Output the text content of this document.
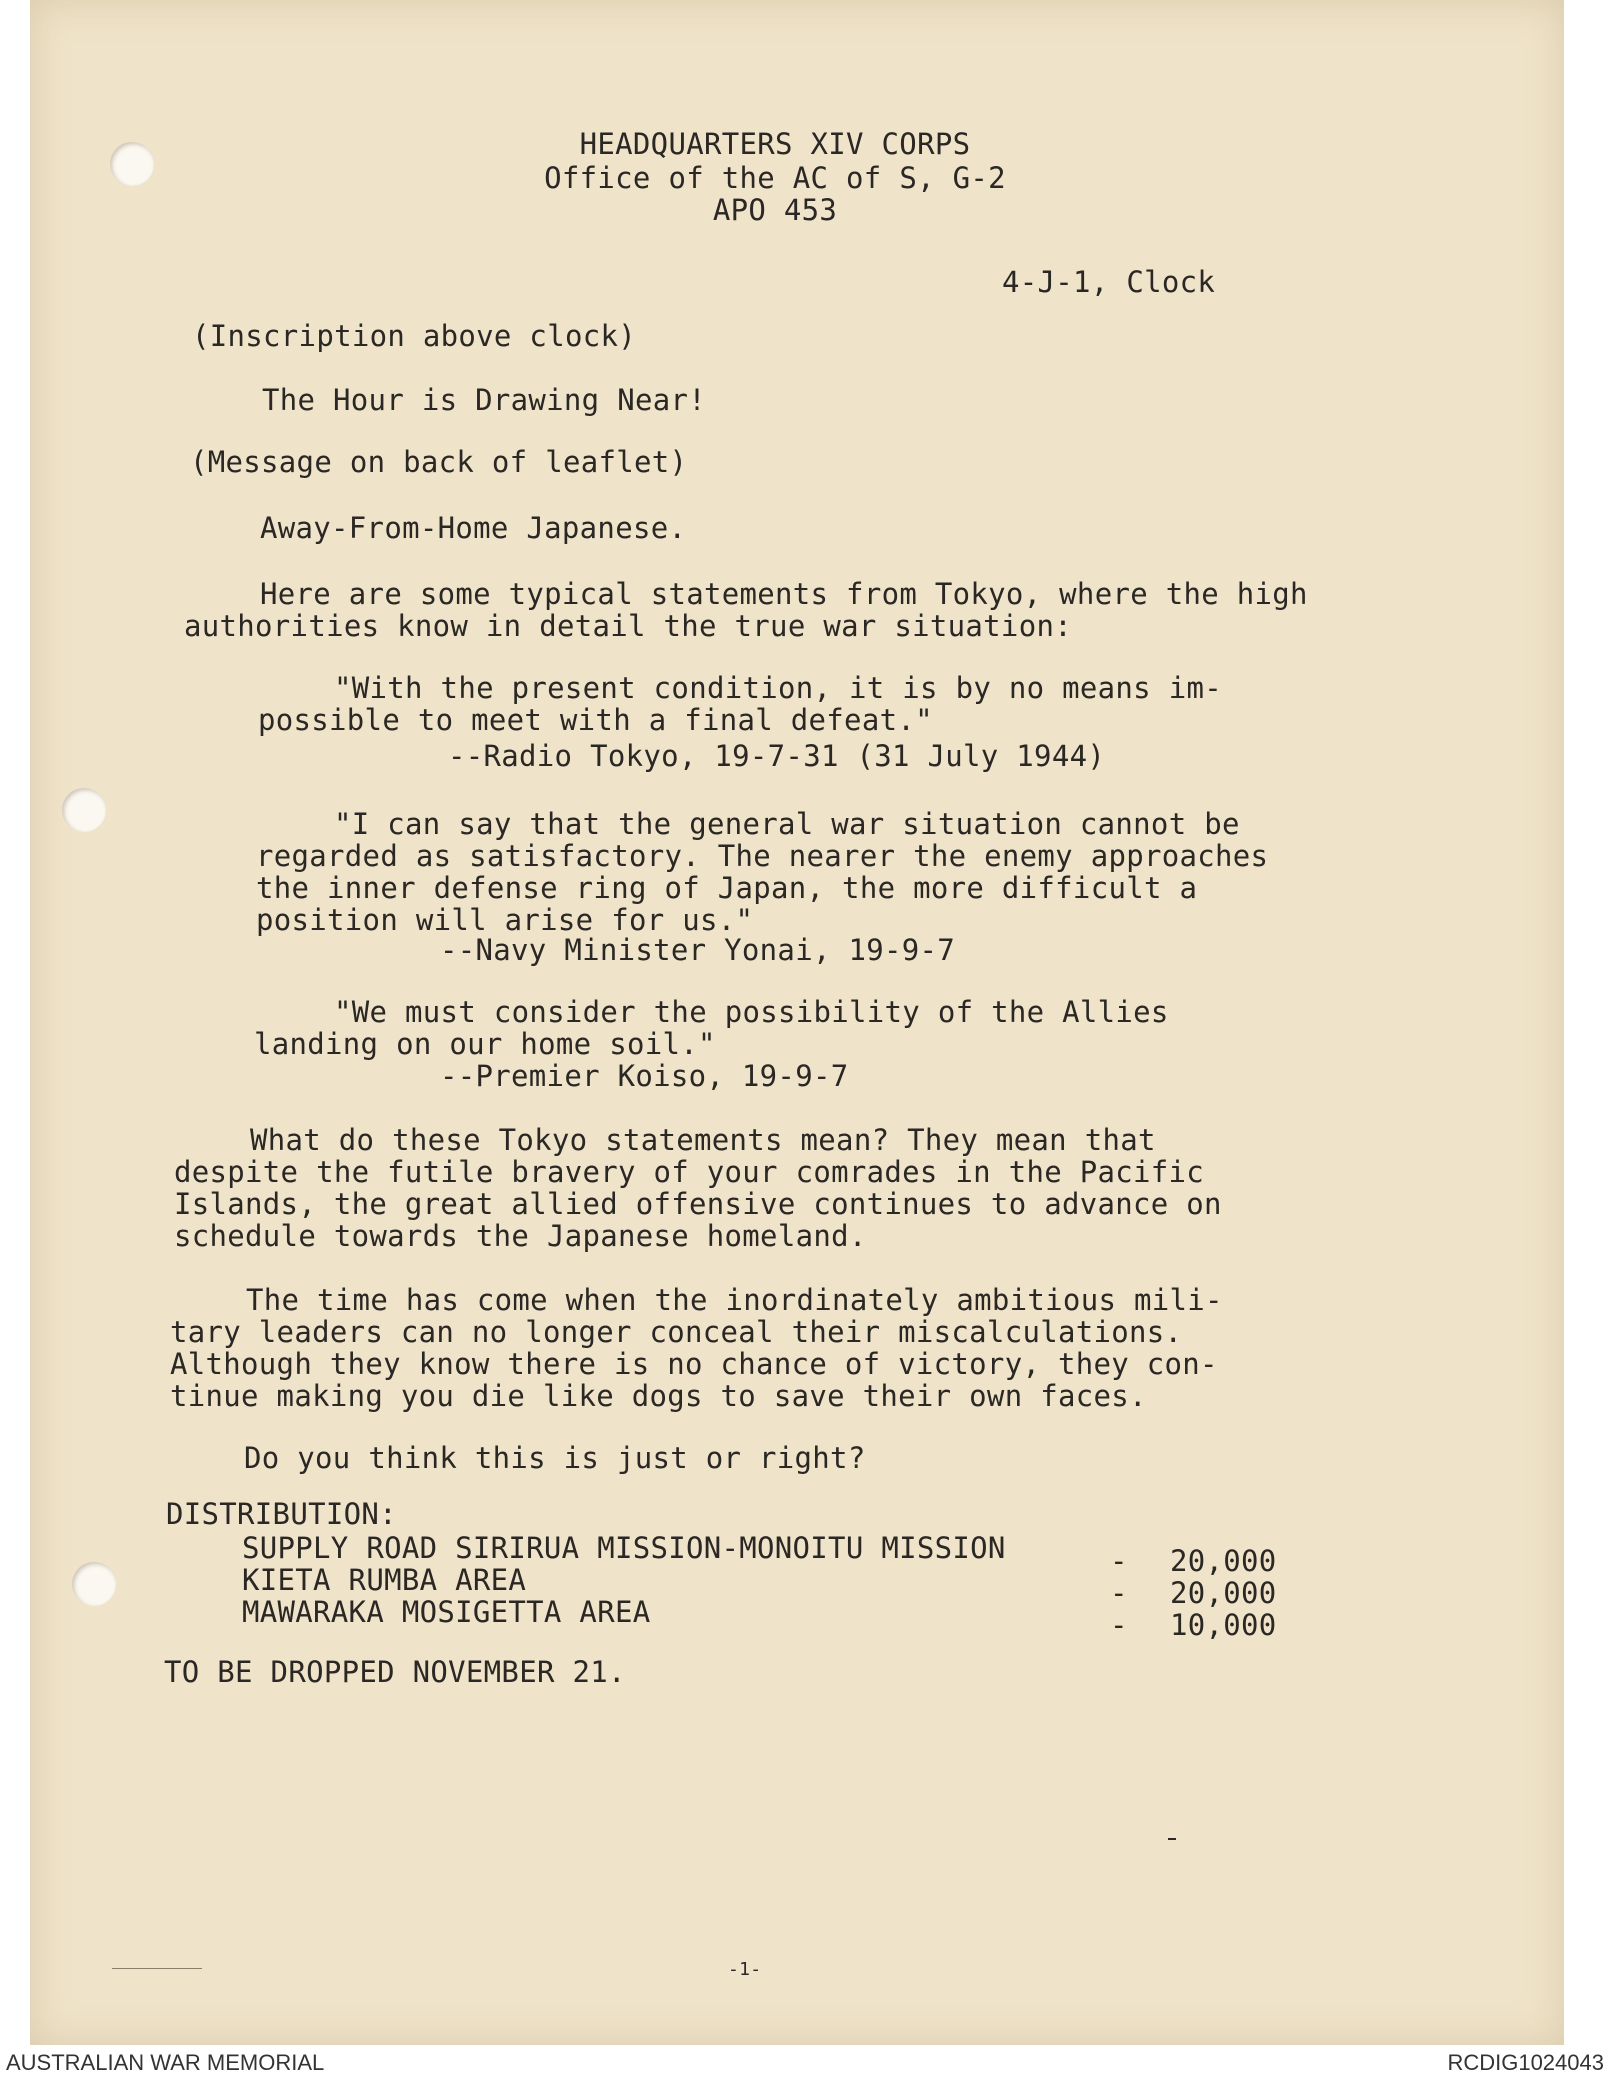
HEADQUARTERS XIV CORPS
Office of the AC of S, G-2
APO 453
4-J-1, Clock
(Inscription above clock)
The Hour is Drawing Near!
(Message on back of leaflet)
Away-From-Home Japanese.
Here are some typical statements from Tokyo, where the high
authorities know in detail the true war situation:
"With the present condition, it is by no means im-
possible to meet with a final defeat."
--Radio Tokyo, 19-7-31 (31 July 1944)
"I can say that the general war situation cannot be
regarded as satisfactory. The nearer the enemy approaches
the inner defense ring of Japan, the more difficult a
position will arise for us."
--Navy Minister Yonai, 19-9-7
"We must consider the possibility of the Allies
landing on our home soil."
--Premier Koiso, 19-9-7
What do these Tokyo statements mean? They mean that
despite the futile bravery of your comrades in the Pacific
Islands, the great allied offensive continues to advance on
schedule towards the Japanese homeland.
The time has come when the inordinately ambitious mili-
tary leaders can no longer conceal their miscalculations.
Although they know there is no chance of victory, they con-
tinue making you die like dogs to save their own faces.
Do you think this is just or right?
DISTRIBUTION:
SUPPLY ROAD SIRIRUA MISSION-MONOITU MISSION	- 20,000
KIETA RUMBA AREA	- 20,000
MAWARAKA MOSIGETTA AREA	- 10,000
TO BE DROPPED NOVEMBER 21.
-1-
AUSTRALIAN WAR MEMORIAL	RCDIG1024043
